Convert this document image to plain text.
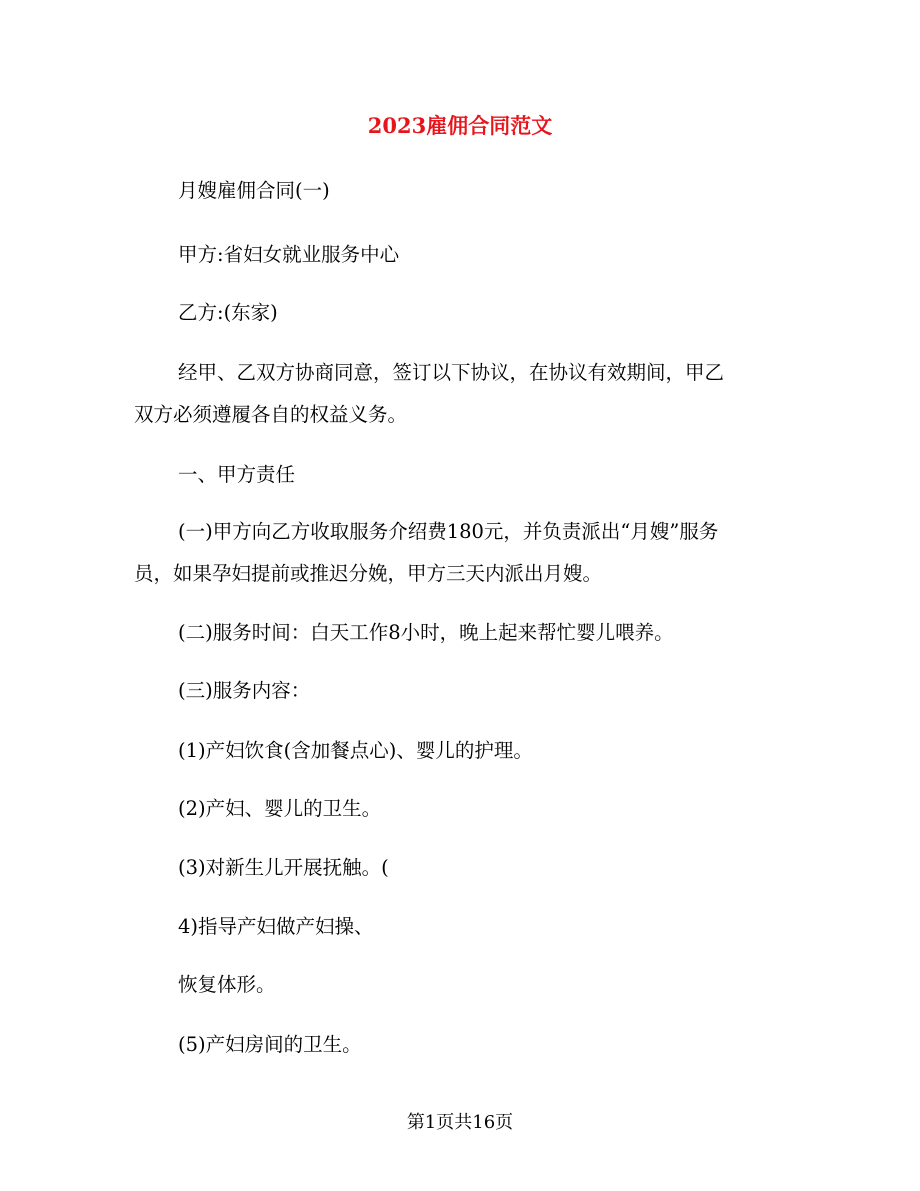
2023雇佣合同范文
月嫂雇佣合同(一)
甲方:省妇女就业服务中心
乙方:(东家)
经甲、乙双方协商同意，签订以下协议，在协议有效期间，甲乙
双方必须遵履各自的权益义务。
一、甲方责任
(一)甲方向乙方收取服务介绍费180元，并负责派出“月嫂”服务
员，如果孕妇提前或推迟分娩，甲方三天内派出月嫂。
(二)服务时间：白天工作8小时，晚上起来帮忙婴儿喂养。
(三)服务内容：
(1)产妇饮食(含加餐点心)、婴儿的护理。
(2)产妇、婴儿的卫生。
(3)对新生儿开展抚触。(
4)指导产妇做产妇操、
恢复体形。
(5)产妇房间的卫生。
第1页共16页
